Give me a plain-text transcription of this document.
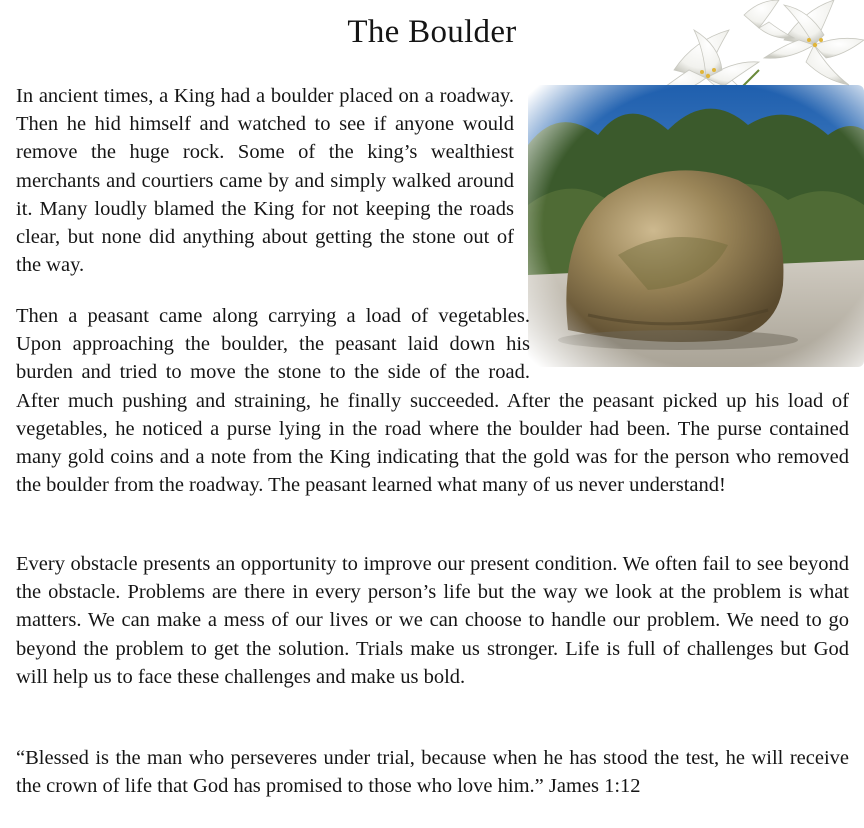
The Boulder

In ancient times, a King had a boulder placed on a roadway. Then he hid himself and watched to see if anyone would remove the huge rock. Some of the king’s wealthiest merchants and courtiers came by and simply walked around it. Many loudly blamed the King for not keeping the roads clear, but none did anything about getting the stone out of the way.

Then a peasant came along carrying a load of vegetables. Upon approaching the boulder, the peasant laid down his burden and tried to move the stone to the side of the road. After much pushing and straining, he finally succeeded. After the peasant picked up his load of vegetables, he noticed a purse lying in the road where the boulder had been. The purse contained many gold coins and a note from the King indicating that the gold was for the person who removed the boulder from the roadway. The peasant learned what many of us never understand!

Every obstacle presents an opportunity to improve our present condition. We often fail to see beyond the obstacle. Problems are there in every person’s life but the way we look at the problem is what matters. We can make a mess of our lives or we can choose to handle our problem. We need to go beyond the problem to get the solution. Trials make us stronger. Life is full of challenges but God will help us to face these challenges and make us bold.

“Blessed is the man who perseveres under trial, because when he has stood the test, he will receive the crown of life that God has promised to those who love him.” James 1:12
